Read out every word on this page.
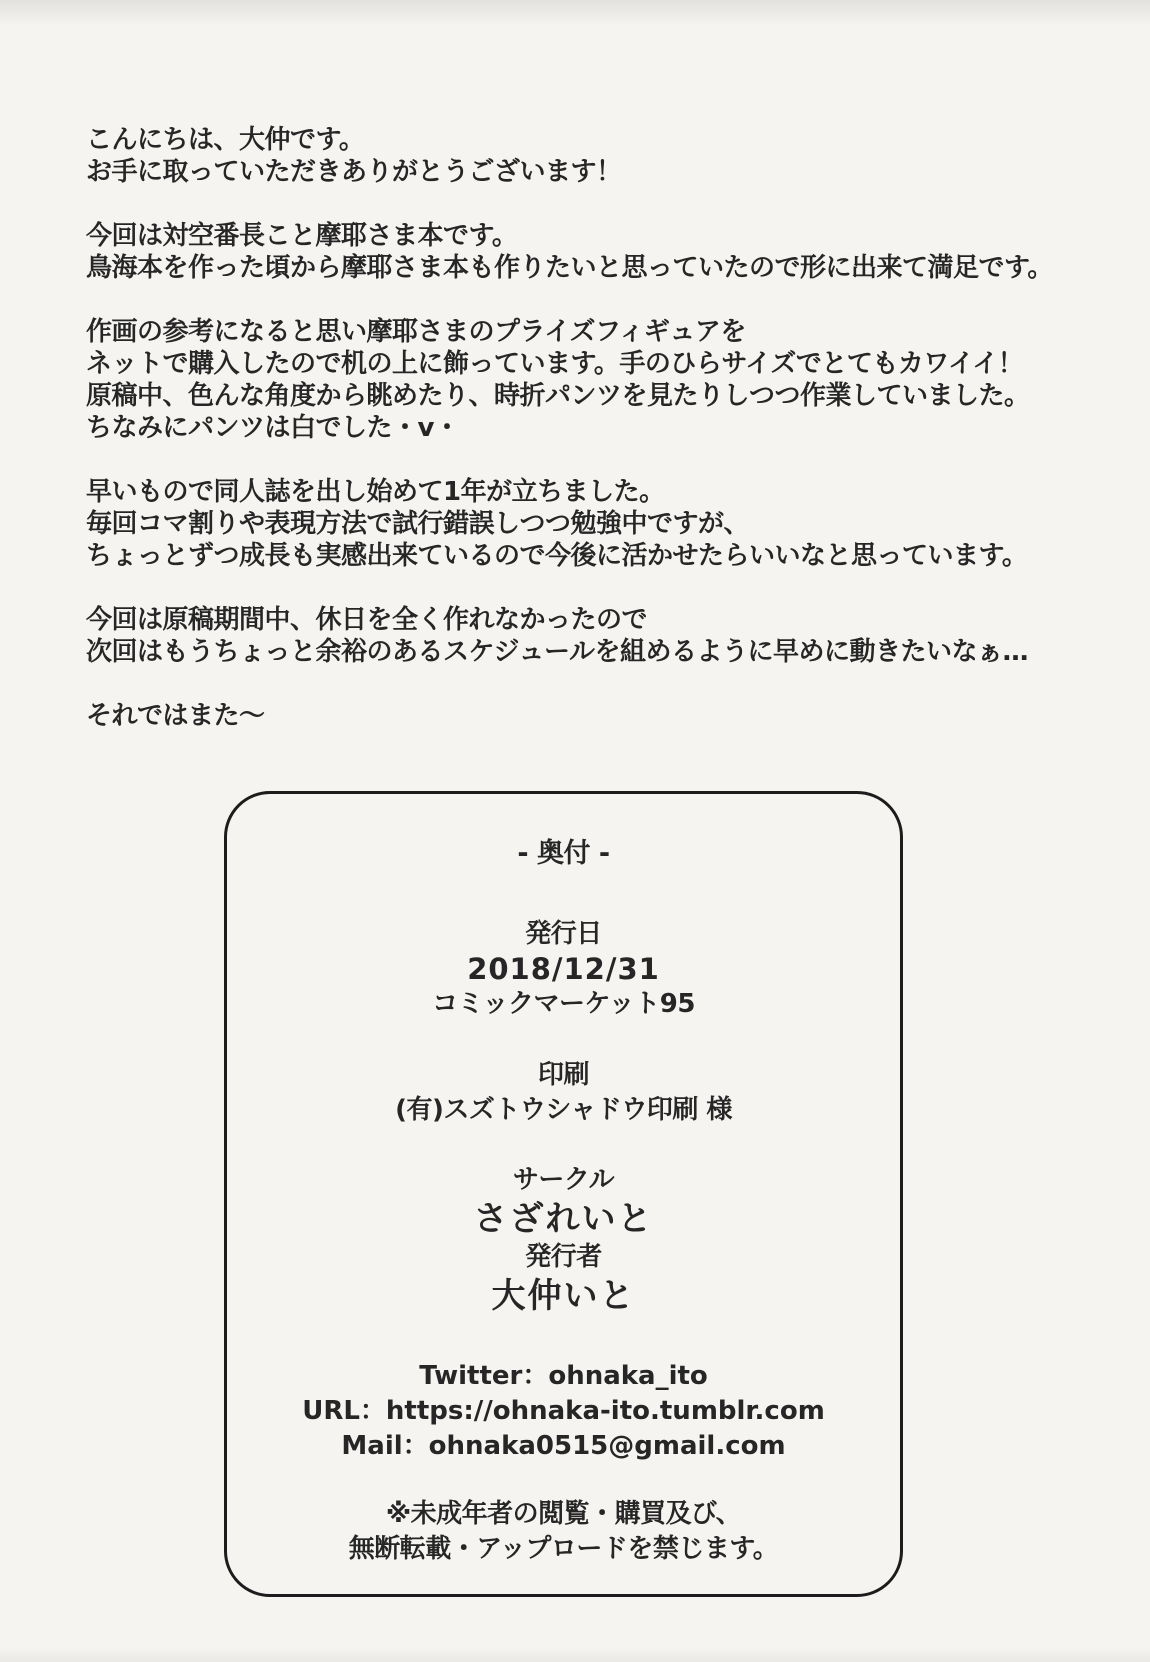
こんにちは、大仲です。
お手に取っていただきありがとうございます！
今回は対空番長こと摩耶さま本です。
鳥海本を作った頃から摩耶さま本も作りたいと思っていたので形に出来て満足です。
作画の参考になると思い摩耶さまのプライズフィギュアを
ネットで購入したので机の上に飾っています。手のひらサイズでとてもカワイイ！
原稿中、色んな角度から眺めたり、時折パンツを見たりしつつ作業していました。
ちなみにパンツは白でした・v・
早いもので同人誌を出し始めて1年が立ちました。
毎回コマ割りや表現方法で試行錯誤しつつ勉強中ですが、
ちょっとずつ成長も実感出来ているので今後に活かせたらいいなと思っています。
今回は原稿期間中、休日を全く作れなかったので
次回はもうちょっと余裕のあるスケジュールを組めるように早めに動きたいなぁ…
それではまた～
- 奥付 -
発行日
2018/12/31
コミックマーケット95
印刷
(有)スズトウシャドウ印刷 様
サークル
さざれいと
発行者
大仲いと
Twitter：ohnaka_ito
URL：https://ohnaka-ito.tumblr.com
Mail：ohnaka0515@gmail.com
※未成年者の閲覧・購買及び、
無断転載・アップロードを禁じます。
